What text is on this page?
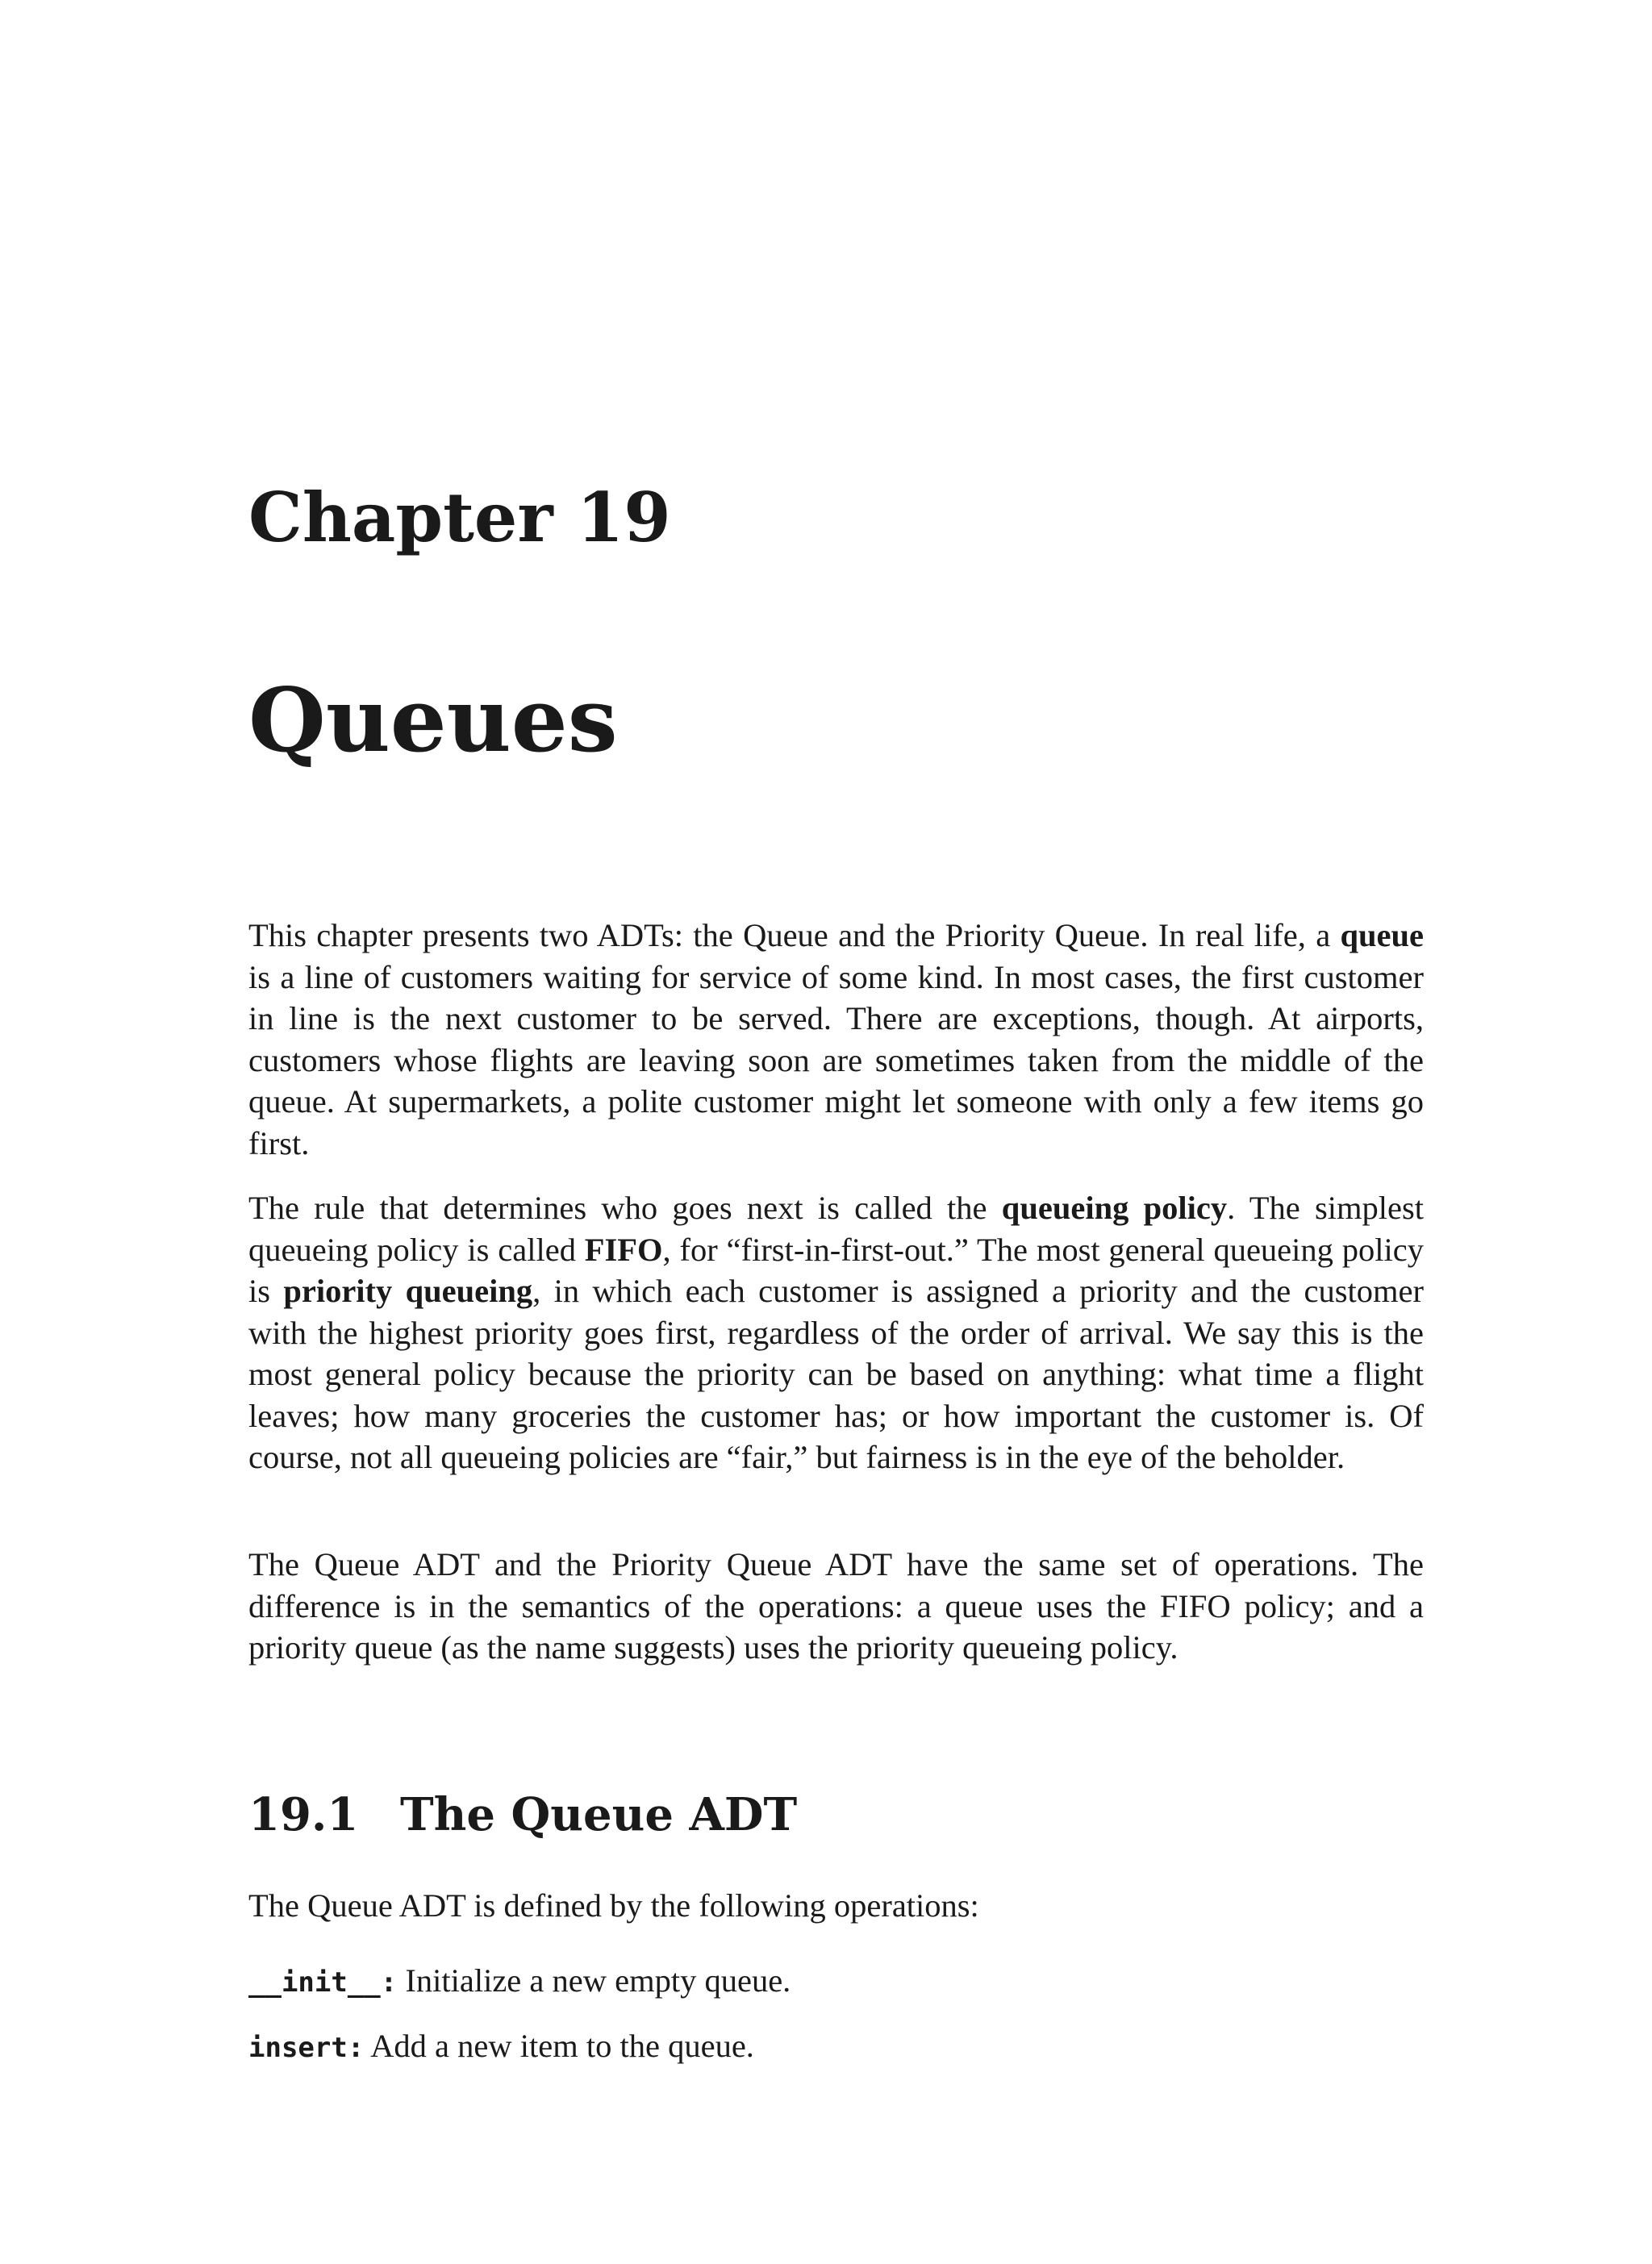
Chapter 19
Queues

This chapter presents two ADTs: the Queue and the Priority Queue. In real life, a queue is a line of customers waiting for service of some kind. In most cases, the first customer in line is the next customer to be served. There are exceptions, though. At airports, customers whose flights are leaving soon are sometimes taken from the middle of the queue. At supermarkets, a polite customer might let someone with only a few items go first.

The rule that determines who goes next is called the queueing policy. The simplest queueing policy is called FIFO, for “first-in-first-out.” The most general queueing policy is priority queueing, in which each customer is assigned a priority and the customer with the highest priority goes first, regardless of the order of arrival. We say this is the most general policy because the priority can be based on anything: what time a flight leaves; how many groceries the customer has; or how important the customer is. Of course, not all queueing policies are “fair,” but fairness is in the eye of the beholder.

The Queue ADT and the Priority Queue ADT have the same set of operations. The difference is in the semantics of the operations: a queue uses the FIFO policy; and a priority queue (as the name suggests) uses the priority queueing policy.

19.1 The Queue ADT

The Queue ADT is defined by the following operations:

__init__: Initialize a new empty queue.

insert: Add a new item to the queue.
